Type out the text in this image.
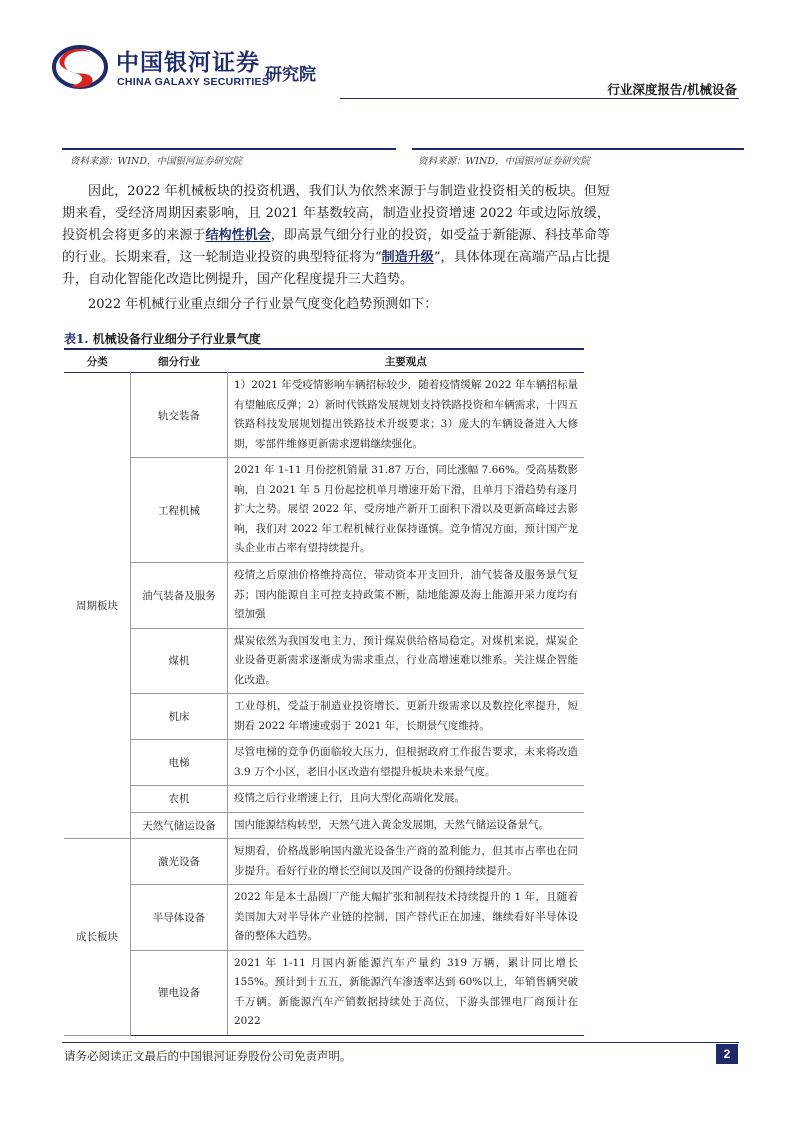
中国银河证券
CHINA GALAXY SECURITIES
研究院
行业深度报告/机械设备
资料来源：WIND，中国银河证券研究院	资料来源：WIND，中国银河证券研究院

因此，2022 年机械板块的投资机遇，我们认为依然来源于与制造业投资相关的板块。但短期来看，受经济周期因素影响，且 2021 年基数较高，制造业投资增速 2022 年或边际放缓，投资机会将更多的来源于结构性机会，即高景气细分行业的投资，如受益于新能源、科技革命等的行业。长期来看，这一轮制造业投资的典型特征将为“制造升级”，具体体现在高端产品占比提升，自动化智能化改造比例提升，国产化程度提升三大趋势。

2022 年机械行业重点细分子行业景气度变化趋势预测如下：

表1. 机械设备行业细分子行业景气度
分类	细分行业	主要观点
周期板块	轨交装备	1）2021 年受疫情影响车辆招标较少，随着疫情缓解 2022 年车辆招标量有望触底反弹；2）新时代铁路发展规划支持铁路投资和车辆需求，十四五铁路科技发展规划提出铁路技术升级要求；3）庞大的车辆设备进入大修期，零部件维修更新需求逻辑继续强化。
	工程机械	2021 年 1-11 月份挖机销量 31.87 万台，同比涨幅 7.66%。受高基数影响，自 2021 年 5 月份起挖机单月增速开始下滑，且单月下滑趋势有逐月扩大之势。展望 2022 年，受房地产新开工面积下滑以及更新高峰过去影响，我们对 2022 年工程机械行业保持谨慎。竞争情况方面，预计国产龙头企业市占率有望持续提升。
	油气装备及服务	疫情之后原油价格维持高位，带动资本开支回升，油气装备及服务景气复苏；国内能源自主可控支持政策不断，陆地能源及海上能源开采力度均有望加强
	煤机	煤炭依然为我国发电主力，预计煤炭供给格局稳定。对煤机来说，煤炭企业设备更新需求逐渐成为需求重点，行业高增速难以维系。关注煤企智能化改造。
	机床	工业母机，受益于制造业投资增长、更新升级需求以及数控化率提升，短期看 2022 年增速或弱于 2021 年，长期景气度维持。
	电梯	尽管电梯的竞争仍面临较大压力，但根据政府工作报告要求，未来将改造 3.9 万个小区，老旧小区改造有望提升板块未来景气度。
	农机	疫情之后行业增速上行，且向大型化高端化发展。
	天然气储运设备	国内能源结构转型，天然气进入黄金发展期，天然气储运设备景气。
成长板块	激光设备	短期看，价格战影响国内激光设备生产商的盈利能力，但其市占率也在同步提升。看好行业的增长空间以及国产设备的份额持续提升。
	半导体设备	2022 年是本土晶圆厂产能大幅扩张和制程技术持续提升的 1 年，且随着美国加大对半导体产业链的控制，国产替代正在加速，继续看好半导体设备的整体大趋势。
	锂电设备	2021 年 1-11 月国内新能源汽车产量约 319 万辆，累计同比增长 155%。预计到十五五，新能源汽车渗透率达到 60%以上，年销售辆突破千万辆。新能源汽车产销数据持续处于高位，下游头部锂电厂商预计在 2022
请务必阅读正文最后的中国银河证券股份公司免责声明。	2
